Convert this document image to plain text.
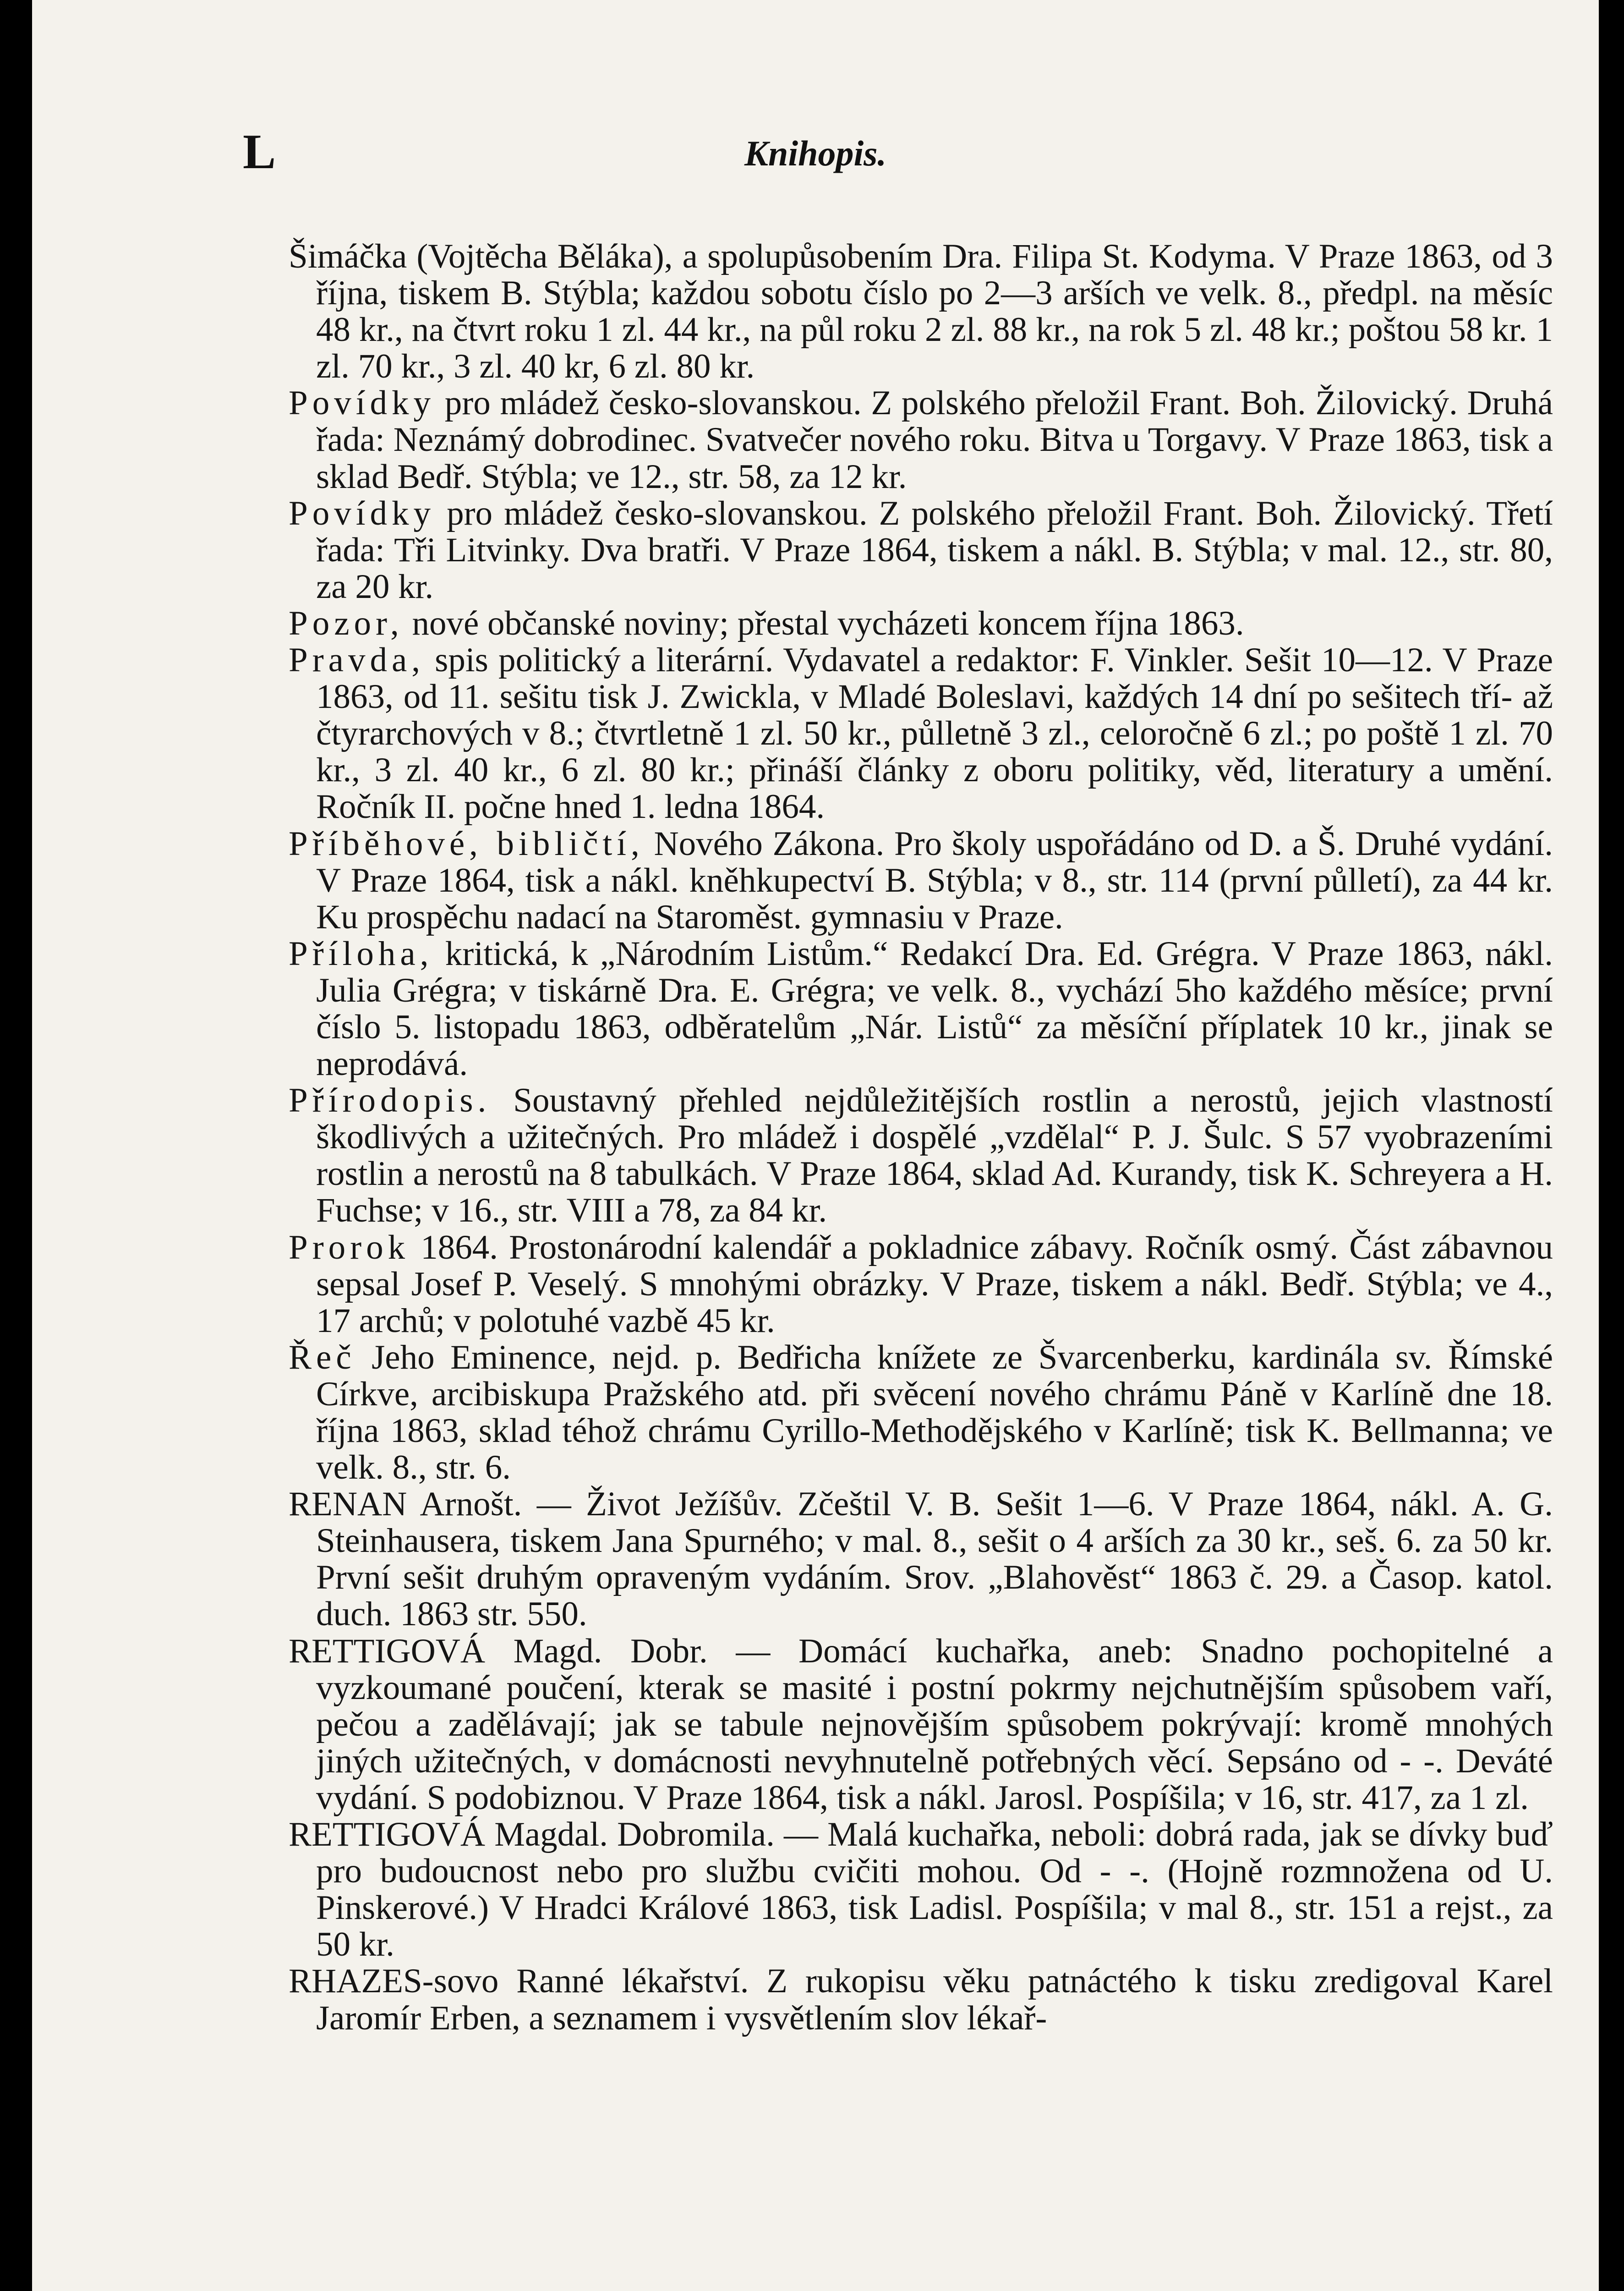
L	Knihopis.

Šimáčka (Vojtěcha Běláka), a spolupůsobením Dra. Filipa St. Kodyma. V Praze 1863, od 3 října, tiskem B. Stýbla; každou sobotu číslo po 2—3 arších ve velk. 8., předpl. na měsíc 48 kr., na čtvrt roku 1 zl. 44 kr., na půl roku 2 zl. 88 kr., na rok 5 zl. 48 kr.; poštou 58 kr. 1 zl. 70 kr., 3 zl. 40 kr, 6 zl. 80 kr.

Povídky pro mládež česko-slovanskou. Z polského přeložil Frant. Boh. Žilovický. Druhá řada: Neznámý dobrodinec. Svatvečer nového roku. Bitva u Torgavy. V Praze 1863, tisk a sklad Bedř. Stýbla; ve 12., str. 58, za 12 kr.

Povídky pro mládež česko-slovanskou. Z polského přeložil Frant. Boh. Žilovický. Třetí řada: Tři Litvinky. Dva bratři. V Praze 1864, tiskem a nákl. B. Stýbla; v mal. 12., str. 80, za 20 kr.

Pozor, nové občanské noviny; přestal vycházeti koncem října 1863.

Pravda, spis politický a literární. Vydavatel a redaktor: F. Vinkler. Sešit 10—12. V Praze 1863, od 11. sešitu tisk J. Zwickla, v Mladé Boleslavi, každých 14 dní po sešitech tří- až čtyrarchových v 8.; čtvrtletně 1 zl. 50 kr., půlletně 3 zl., celoročně 6 zl.; po poště 1 zl. 70 kr., 3 zl. 40 kr., 6 zl. 80 kr.; přináší články z oboru politiky, věd, literatury a umění. Ročník II. počne hned 1. ledna 1864.

Příběhové, bibličtí, Nového Zákona. Pro školy uspořádáno od D. a Š. Druhé vydání. V Praze 1864, tisk a nákl. kněhkupectví B. Stýbla; v 8., str. 114 (první půlletí), za 44 kr. Ku prospěchu nadací na Staroměst. gymnasiu v Praze.

Příloha, kritická, k „Národním Listům.“ Redakcí Dra. Ed. Grégra. V Praze 1863, nákl. Julia Grégra; v tiskárně Dra. E. Grégra; ve velk. 8., vychází 5ho každého měsíce; první číslo 5. listopadu 1863, odběratelům „Nár. Listů“ za měsíční příplatek 10 kr., jinak se neprodává.

Přírodopis. Soustavný přehled nejdůležitějších rostlin a nerostů, jejich vlastností škodlivých a užitečných. Pro mládež i dospělé „vzdělal“ P. J. Šulc. S 57 vyobrazeními rostlin a nerostů na 8 tabulkách. V Praze 1864, sklad Ad. Kurandy, tisk K. Schreyera a H. Fuchse; v 16., str. VIII a 78, za 84 kr.

Prorok 1864. Prostonárodní kalendář a pokladnice zábavy. Ročník osmý. Část zábavnou sepsal Josef P. Veselý. S mnohými obrázky. V Praze, tiskem a nákl. Bedř. Stýbla; ve 4., 17 archů; v polotuhé vazbě 45 kr.

Řeč Jeho Eminence, nejd. p. Bedřicha knížete ze Švarcenberku, kardinála sv. Římské Církve, arcibiskupa Pražského atd. při svěcení nového chrámu Páně v Karlíně dne 18. října 1863, sklad téhož chrámu Cyrillo-Methodějského v Karlíně; tisk K. Bellmanna; ve velk. 8., str. 6.

RENAN Arnošt. — Život Ježíšův. Zčeštil V. B. Sešit 1—6. V Praze 1864, nákl. A. G. Steinhausera, tiskem Jana Spurného; v mal. 8., sešit o 4 arších za 30 kr., seš. 6. za 50 kr. První sešit druhým opraveným vydáním. Srov. „Blahověst“ 1863 č. 29. a Časop. katol. duch. 1863 str. 550.

RETTIGOVÁ Magd. Dobr. — Domácí kuchařka, aneb: Snadno pochopitelné a vyzkoumané poučení, kterak se masité i postní pokrmy nejchutnějším spůsobem vaří, pečou a zadělávají; jak se tabule nejnovějším spůsobem pokrývají: kromě mnohých jiných užitečných, v domácnosti nevyhnutelně potřebných věcí. Sepsáno od - -. Deváté vydání. S podobiznou. V Praze 1864, tisk a nákl. Jarosl. Pospíšila; v 16, str. 417, za 1 zl.

RETTIGOVÁ Magdal. Dobromila. — Malá kuchařka, neboli: dobrá rada, jak se dívky buď pro budoucnost nebo pro službu cvičiti mohou. Od - -. (Hojně rozmnožena od U. Pinskerové.) V Hradci Králové 1863, tisk Ladisl. Pospíšila; v mal 8., str. 151 a rejst., za 50 kr.

RHAZES-sovo Ranné lékařství. Z rukopisu věku patnáctého k tisku zredigoval Karel Jaromír Erben, a seznamem i vysvětlením slov lékař-
